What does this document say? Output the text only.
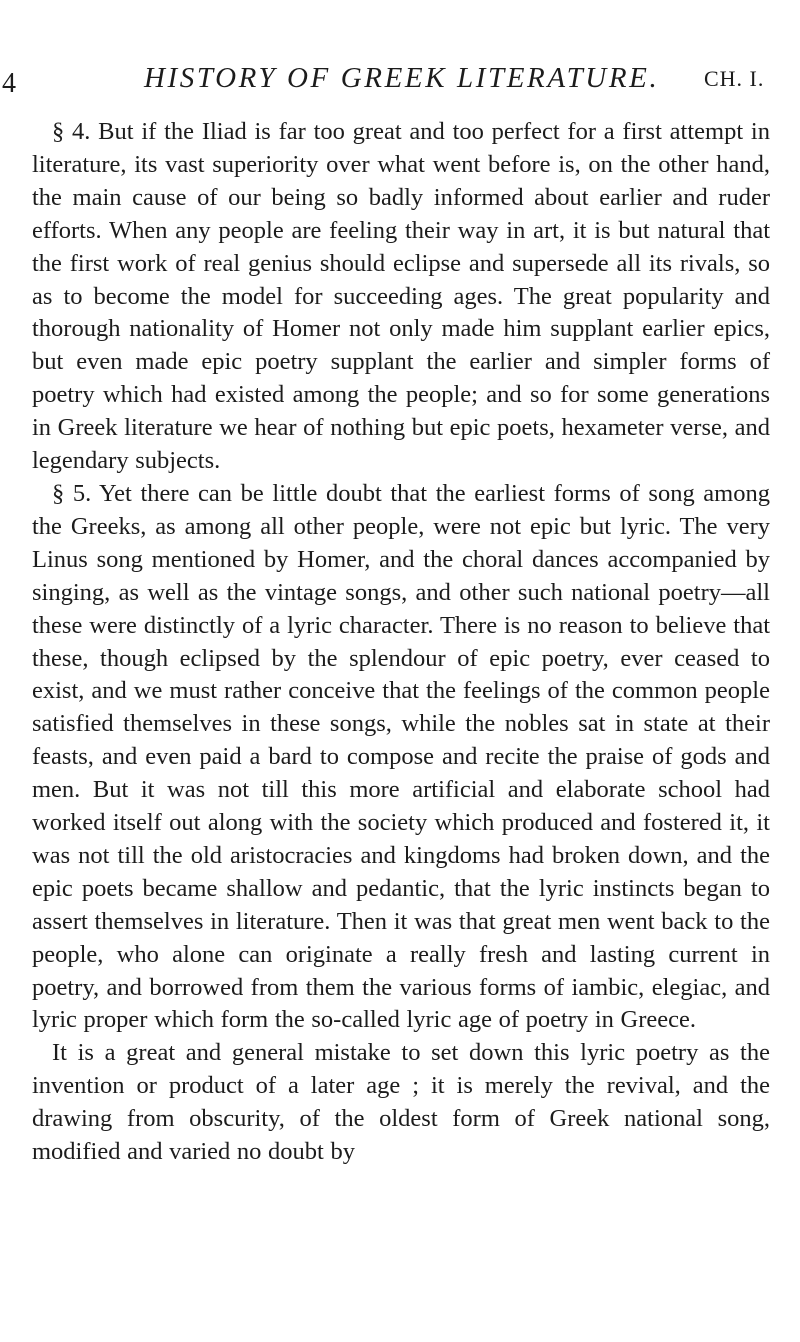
4	HISTORY OF GREEK LITERATURE. CH. I.

§ 4. But if the Iliad is far too great and too perfect for a first attempt in literature, its vast superiority over what went before is, on the other hand, the main cause of our being so badly informed about earlier and ruder efforts. When any people are feeling their way in art, it is but natural that the first work of real genius should eclipse and supersede all its rivals, so as to become the model for succeeding ages. The great popularity and thorough nationality of Homer not only made him supplant earlier epics, but even made epic poetry supplant the earlier and simpler forms of poetry which had existed among the people; and so for some generations in Greek literature we hear of nothing but epic poets, hexameter verse, and legendary subjects.

§ 5. Yet there can be little doubt that the earliest forms of song among the Greeks, as among all other people, were not epic but lyric. The very Linus song mentioned by Homer, and the choral dances accompanied by singing, as well as the vintage songs, and other such national poetry—all these were distinctly of a lyric character. There is no reason to believe that these, though eclipsed by the splendour of epic poetry, ever ceased to exist, and we must rather conceive that the feelings of the common people satisfied themselves in these songs, while the nobles sat in state at their feasts, and even paid a bard to compose and recite the praise of gods and men. But it was not till this more artificial and elaborate school had worked itself out along with the society which produced and fostered it, it was not till the old aristocracies and kingdoms had broken down, and the epic poets became shallow and pedantic, that the lyric instincts began to assert themselves in literature. Then it was that great men went back to the people, who alone can originate a really fresh and lasting current in poetry, and borrowed from them the various forms of iambic, elegiac, and lyric proper which form the so-called lyric age of poetry in Greece.

It is a great and general mistake to set down this lyric poetry as the invention or product of a later age ; it is merely the revival, and the drawing from obscurity, of the oldest form of Greek national song, modified and varied no doubt by
